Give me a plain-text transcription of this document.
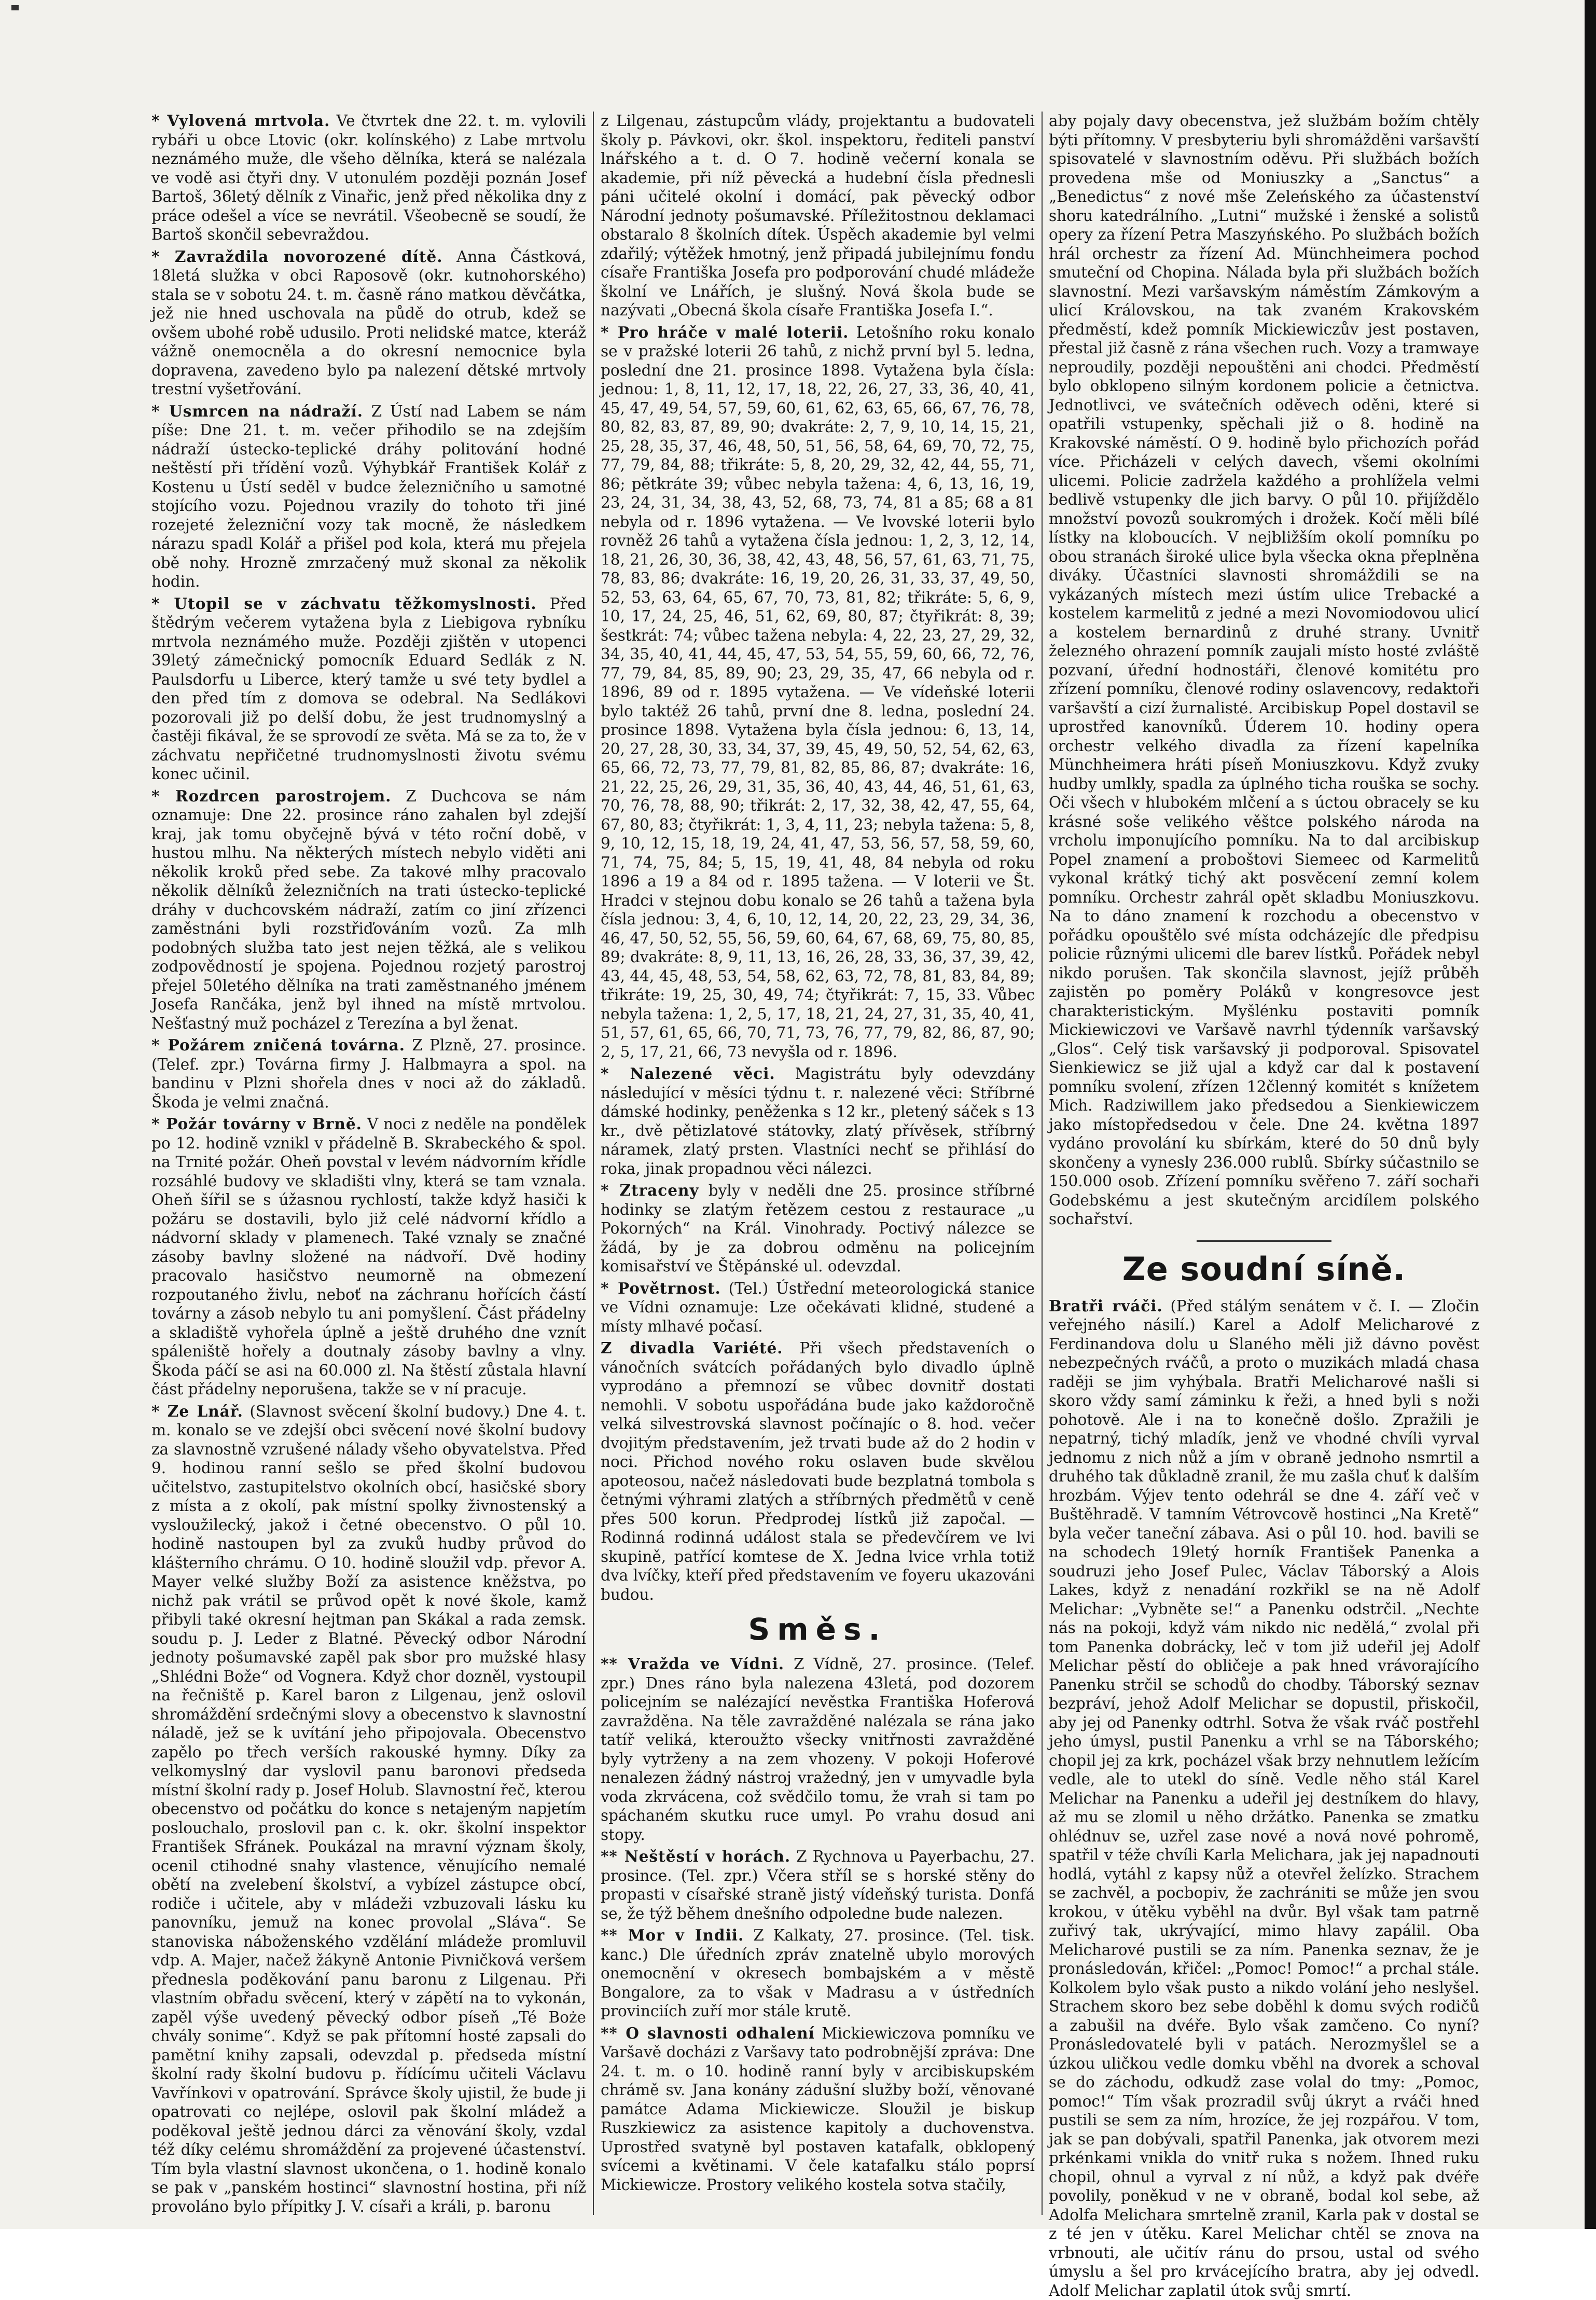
* Vylovená mrtvola. Ve čtvrtek dne 22. t. m. vylovili rybáři u obce Ltovic (okr. kolínského) z Labe mrtvolu neznámého muže, dle všeho dělníka, která se nalézala ve vodě asi čtyři dny. V utonulém později poznán Josef Bartoš, 36letý dělník z Vinařic, jenž před několika dny z práce odešel a více se nevrátil. Všeobecně se soudí, že Bartoš skončil sebevraždou.

* Zavraždila novorozené dítě. Anna Částková, 18letá služka v obci Raposově (okr. kutnohorského) stala se v sobotu 24. t. m. časně ráno matkou děvčátka, jež nie hned uschovala na půdě do otrub, kdež se ovšem ubohé robě udusilo. Proti nelidské matce, kteráž vážně onemocněla a do okresní nemocnice byla dopravena, zavedeno bylo pa nalezení dětské mrtvoly trestní vyšetřování.

* Usmrcen na nádraží. Z Ústí nad Labem se nám píše: Dne 21. t. m. večer přihodilo se na zdejším nádraží ústecko-teplické dráhy politování hodné neštěstí při třídění vozů. Výhybkář František Kolář z Kostenu u Ústí seděl v budce železničního u samotné stojícího vozu. Pojednou vrazily do tohoto tři jiné rozejeté železniční vozy tak mocně, že následkem nárazu spadl Kolář a přišel pod kola, která mu přejela obě nohy. Hrozně zmrzačený muž skonal za několik hodin.

* Utopil se v záchvatu těžkomyslnosti. Před štědrým večerem vytažena byla z Liebigova rybníku mrtvola neznámého muže. Později zjištěn v utopenci 39letý zámečnický pomocník Eduard Sedlák z N. Paulsdorfu u Liberce, který tamže u své tety bydlel a den před tím z domova se odebral. Na Sedlákovi pozorovali již po delší dobu, že jest trudnomyslný a častěji fikával, že se sprovodí ze světa. Má se za to, že v záchvatu nepřičetné trudnomyslnosti životu svému konec učinil.

* Rozdrcen parostrojem. Z Duchcova se nám oznamuje: Dne 22. prosince ráno zahalen byl zdejší kraj, jak tomu obyčejně bývá v této roční době, v hustou mlhu. Na některých místech nebylo viděti ani několik kroků před sebe. Za takové mlhy pracovalo několik dělníků železničních na trati ústecko-teplické dráhy v duchcovském nádraží, zatím co jiní zřízenci zaměstnáni byli rozstřiďováním vozů. Za mlh podobných služba tato jest nejen těžká, ale s velikou zodpovědností je spojena. Pojednou rozjetý parostroj přejel 50letého dělníka na trati zaměstnaného jménem Josefa Rančáka, jenž byl ihned na místě mrtvolou. Nešťastný muž pocházel z Terezína a byl ženat.

* Požárem zničená továrna. Z Plzně, 27. prosince. (Telef. zpr.) Továrna firmy J. Halbmayra a spol. na bandinu v Plzni shořela dnes v noci až do základů. Škoda je velmi značná.

* Požár továrny v Brně. V noci z neděle na pondělek po 12. hodině vznikl v přádelně B. Skrabeckého & spol. na Trnité požár. Oheň povstal v levém nádvorním křídle rozsáhlé budovy ve skladišti vlny, která se tam vznala. Oheň šířil se s úžasnou rychlostí, takže když hasiči k požáru se dostavili, bylo již celé nádvorní křídlo a nádvorní sklady v plamenech. Také vznaly se značné zásoby bavlny složené na nádvoří. Dvě hodiny pracovalo hasičstvo neumorně na obmezení rozpoutaného živlu, neboť na záchranu hořících částí továrny a zásob nebylo tu ani pomyšlení. Část přádelny a skladiště vyhořela úplně a ještě druhého dne vznít spáleniště hořely a doutnaly zásoby bavlny a vlny. Škoda páčí se asi na 60.000 zl. Na štěstí zůstala hlavní část přádelny neporušena, takže se v ní pracuje.

* Ze Lnář. (Slavnost svěcení školní budovy.) Dne 4. t. m. konalo se ve zdejší obci svěcení nové školní budovy za slavnostně vzrušené nálady všeho obyvatelstva. Před 9. hodinou ranní sešlo se před školní budovou učitelstvo, zastupitelstvo okolních obcí, hasičské sbory z místa a z okolí, pak místní spolky živnostenský a vysloužilecký, jakož i četné obecenstvo. O půl 10. hodině nastoupen byl za zvuků hudby průvod do klášterního chrámu. O 10. hodině sloužil vdp. převor A. Mayer velké služby Boží za asistence kněžstva, po nichž pak vrátil se průvod opět k nové škole, kamž přibyli také okresní hejtman pan Skákal a rada zemsk. soudu p. J. Leder z Blatné. Pěvecký odbor Národní jednoty pošumavské zapěl pak sbor pro mužské hlasy „Shlédni Bože“ od Vognera. Když chor dozněl, vystoupil na řečniště p. Karel baron z Lilgenau, jenž oslovil shromáždění srdečnými slovy a obecenstvo k slavnostní náladě, jež se k uvítání jeho připojovala. Obecenstvo zapělo po třech verších rakouské hymny. Díky za velkomyslný dar vyslovil panu baronovi předseda místní školní rady p. Josef Holub. Slavnostní řeč, kterou obecenstvo od počátku do konce s netajeným napjetím poslouchalo, proslovil pan c. k. okr. školní inspektor František Sfránek. Poukázal na mravní význam školy, ocenil ctihodné snahy vlastence, věnujícího nemalé obětí na zvelebení školství, a vybízel zástupce obcí, rodiče i učitele, aby v mládeži vzbuzovali lásku ku panovníku, jemuž na konec provolal „Sláva“. Se stanoviska náboženského vzdělání mládeže promluvil vdp. A. Majer, načež žákyně Antonie Pivničková veršem přednesla poděkování panu baronu z Lilgenau. Při vlastním obřadu svěcení, který v zápětí na to vykonán, zapěl výše uvedený pěvecký odbor píseň „Té Boże chvály sonime“. Když se pak přítomní hosté zapsali do pamětní knihy zapsali, odevzdal p. předseda místní školní rady školní budovu p. řídícímu učiteli Václavu Vavřínkovi v opatrování. Správce školy ujistil, že bude ji opatrovati co nejlépe, oslovil pak školní mládež a poděkoval ještě jednou dárci za věnování školy, vzdal též díky celému shromáždění za projevené účastenství. Tím byla vlastní slavnost ukončena, o 1. hodině konalo se pak v „panském hostinci“ slavnostní hostina, při níž provoláno bylo přípitky J. V. císaři a králi, p. baronu

z Lilgenau, zástupcům vlády, projektantu a budovateli školy p. Pávkovi, okr. škol. inspektoru, řediteli panství lnářského a t. d. O 7. hodině večerní konala se akademie, při níž pěvecká a hudební čísla přednesli páni učitelé okolní i domácí, pak pěvecký odbor Národní jednoty pošumavské. Příležitostnou deklamaci obstaralo 8 školních dítek. Úspěch akademie byl velmi zdařilý; výtěžek hmotný, jenž připadá jubilejnímu fondu císaře Františka Josefa pro podporování chudé mládeže školní ve Lnářích, je slušný. Nová škola bude se nazývati „Obecná škola císaře Františka Josefa I.“.

* Pro hráče v malé loterii. Letošního roku konalo se v pražské loterii 26 tahů, z nichž první byl 5. ledna, poslední dne 21. prosince 1898. Vytažena byla čísla: jednou: 1, 8, 11, 12, 17, 18, 22, 26, 27, 33, 36, 40, 41, 45, 47, 49, 54, 57, 59, 60, 61, 62, 63, 65, 66, 67, 76, 78, 80, 82, 83, 87, 89, 90; dvakráte: 2, 7, 9, 10, 14, 15, 21, 25, 28, 35, 37, 46, 48, 50, 51, 56, 58, 64, 69, 70, 72, 75, 77, 79, 84, 88; třikráte: 5, 8, 20, 29, 32, 42, 44, 55, 71, 86; pětkráte 39; vůbec nebyla tažena: 4, 6, 13, 16, 19, 23, 24, 31, 34, 38, 43, 52, 68, 73, 74, 81 a 85; 68 a 81 nebyla od r. 1896 vytažena. — Ve lvovské loterii bylo rovněž 26 tahů a vytažena čísla jednou: 1, 2, 3, 12, 14, 18, 21, 26, 30, 36, 38, 42, 43, 48, 56, 57, 61, 63, 71, 75, 78, 83, 86; dvakráte: 16, 19, 20, 26, 31, 33, 37, 49, 50, 52, 53, 63, 64, 65, 67, 70, 73, 81, 82; třikráte: 5, 6, 9, 10, 17, 24, 25, 46, 51, 62, 69, 80, 87; čtyřikrát: 8, 39; šestkrát: 74; vůbec tažena nebyla: 4, 22, 23, 27, 29, 32, 34, 35, 40, 41, 44, 45, 47, 53, 54, 55, 59, 60, 66, 72, 76, 77, 79, 84, 85, 89, 90; 23, 29, 35, 47, 66 nebyla od r. 1896, 89 od r. 1895 vytažena. — Ve vídeňské loterii bylo taktéž 26 tahů, první dne 8. ledna, poslední 24. prosince 1898. Vytažena byla čísla jednou: 6, 13, 14, 20, 27, 28, 30, 33, 34, 37, 39, 45, 49, 50, 52, 54, 62, 63, 65, 66, 72, 73, 77, 79, 81, 82, 85, 86, 87; dvakráte: 16, 21, 22, 25, 26, 29, 31, 35, 36, 40, 43, 44, 46, 51, 61, 63, 70, 76, 78, 88, 90; třikrát: 2, 17, 32, 38, 42, 47, 55, 64, 67, 80, 83; čtyřikrát: 1, 3, 4, 11, 23; nebyla tažena: 5, 8, 9, 10, 12, 15, 18, 19, 24, 41, 47, 53, 56, 57, 58, 59, 60, 71, 74, 75, 84; 5, 15, 19, 41, 48, 84 nebyla od roku 1896 a 19 a 84 od r. 1895 tažena. — V loterii ve Št. Hradci v stejnou dobu konalo se 26 tahů a tažena byla čísla jednou: 3, 4, 6, 10, 12, 14, 20, 22, 23, 29, 34, 36, 46, 47, 50, 52, 55, 56, 59, 60, 64, 67, 68, 69, 75, 80, 85, 89; dvakráte: 8, 9, 11, 13, 16, 26, 28, 33, 36, 37, 39, 42, 43, 44, 45, 48, 53, 54, 58, 62, 63, 72, 78, 81, 83, 84, 89; třikráte: 19, 25, 30, 49, 74; čtyřikrát: 7, 15, 33. Vůbec nebyla tažena: 1, 2, 5, 17, 18, 21, 24, 27, 31, 35, 40, 41, 51, 57, 61, 65, 66, 70, 71, 73, 76, 77, 79, 82, 86, 87, 90; 2, 5, 17, 21, 66, 73 nevyšla od r. 1896.

* Nalezené věci. Magistrátu byly odevzdány následující v měsíci týdnu t. r. nalezené věci: Stříbrné dámské hodinky, peněženka s 12 kr., pletený sáček s 13 kr., dvě pětizlatové státovky, zlatý přívěsek, stříbrný náramek, zlatý prsten. Vlastníci nechť se přihlásí do roka, jinak propadnou věci nálezci.

* Ztraceny byly v neděli dne 25. prosince stříbrné hodinky se zlatým řetězem cestou z restaurace „u Pokorných“ na Král. Vinohrady. Poctivý nálezce se žádá, by je za dobrou odměnu na policejním komisařství ve Štěpánské ul. odevzdal.

* Povětrnost. (Tel.) Ústřední meteorologická stanice ve Vídni oznamuje: Lze očekávati klidné, studené a místy mlhavé počasí.

Z divadla Variété. Při všech představeních o vánočních svátcích pořádaných bylo divadlo úplně vyprodáno a přemnozí se vůbec dovnitř dostati nemohli. V sobotu uspořádána bude jako každoročně velká silvestrovská slavnost počínajíc o 8. hod. večer dvojitým představením, jež trvati bude až do 2 hodin v noci. Přichod nového roku oslaven bude skvělou apoteosou, načež následovati bude bezplatná tombola s četnými výhrami zlatých a stříbrných předmětů v ceně přes 500 korun. Předprodej lístků již započal. — Rodinná rodinná událost stala se předevčírem ve lvi skupině, patřící komtese de X. Jedna lvice vrhla totiž dva lvíčky, kteří před představením ve foyeru ukazováni budou.

Směs.

** Vražda ve Vídni. Z Vídně, 27. prosince. (Telef. zpr.) Dnes ráno byla nalezena 43letá, pod dozorem policejním se nalézající nevěstka Františka Hoferová zavražděna. Na těle zavražděné nalézala se rána jako tatíř veliká, kteroužto všecky vnitřnosti zavražděné byly vytrženy a na zem vhozeny. V pokoji Hoferové nenalezen žádný nástroj vražedný, jen v umyvadle byla voda zkrvácena, což svědčilo tomu, že vrah si tam po spáchaném skutku ruce umyl. Po vrahu dosud ani stopy.

** Neštěstí v horách. Z Rychnova u Payerbachu, 27. prosince. (Tel. zpr.) Včera stříl se s horské stěny do propasti v císařské straně jistý vídeňský turista. Donfá se, že týž během dnešního odpoledne bude nalezen.

** Mor v Indii. Z Kalkaty, 27. prosince. (Tel. tisk. kanc.) Dle úředních zpráv znatelně ubylo morových onemocnění v okresech bombajském a v městě Bongalore, za to však v Madrasu a v ústředních provinciích zuří mor stále krutě.

** O slavnosti odhalení Mickiewiczova pomníku ve Varšavě docházi z Varšavy tato podrobnější zpráva: Dne 24. t. m. o 10. hodině ranní byly v arcibiskupském chrámě sv. Jana konány zádušní služby boží, věnované památce Adama Mickiewicze. Sloužil je biskup Ruszkiewicz za asistence kapitoly a duchovenstva. Uprostřed svatyně byl postaven katafalk, obklopený svícemi a květinami. V čele katafalku stálo poprsí Mickiewicze. Prostory velikého kostela sotva stačily,

aby pojaly davy obecenstva, jež službám božím chtěly býti přítomny. V presbyteriu byli shromážděni varšavští spisovatelé v slavnostním oděvu. Při službách božích provedena mše od Moniuszky a „Sanctus“ a „Benedictus“ z nové mše Zeleńského za účastenství shoru katedrálního. „Lutni“ mužské i ženské a solistů opery za řízení Petra Maszyńského. Po službách božích hrál orchestr za řízení Ad. Münchheimera pochod smuteční od Chopina. Nálada byla při službách božích slavnostní. Mezi varšavským náměstím Zámkovým a ulicí Královskou, na tak zvaném Krakovském předměstí, kdež pomník Mickiewiczův jest postaven, přestal již časně z rána všechen ruch. Vozy a tramwaye neproudily, později nepouštěni ani chodci. Předměstí bylo obklopeno silným kordonem policie a četnictva. Jednotlivci, ve svátečních oděvech oděni, které si opatřili vstupenky, spěchali již o 8. hodině na Krakovské náměstí. O 9. hodině bylo přichozích pořád více. Přicházeli v celých davech, všemi okolními ulicemi. Policie zadržela každého a prohlížela velmi bedlivě vstupenky dle jich barvy. O půl 10. přijíždělo množství povozů soukromých i drožek. Kočí měli bílé lístky na kloboucích. V nejbližším okolí pomníku po obou stranách široké ulice byla všecka okna přeplněna diváky. Účastníci slavnosti shromáždili se na vykázaných místech mezi ústím ulice Trebacké a kostelem karmelitů z jedné a mezi Novomiodovou ulicí a kostelem bernardinů z druhé strany. Uvnitř železného ohrazení pomník zaujali místo hosté zvláště pozvaní, úřední hodnostáři, členové komitétu pro zřízení pomníku, členové rodiny oslavencovy, redaktoři varšavští a cizí žurnalisté. Arcibiskup Popel dostavil se uprostřed kanovníků. Úderem 10. hodiny opera orchestr velkého divadla za řízení kapelníka Münchheimera hráti píseň Moniuszkovu. Když zvuky hudby umlkly, spadla za úplného ticha rouška se sochy. Oči všech v hlubokém mlčení a s úctou obracely se ku krásné soše velikého věštce polského národa na vrcholu imponujícího pomníku. Na to dal arcibiskup Popel znamení a proboštovi Siemeec od Karmelitů vykonal krátký tichý akt posvěcení zemní kolem pomníku. Orchestr zahrál opět skladbu Moniuszkovu. Na to dáno znamení k rozchodu a obecenstvo v pořádku opouštělo své místa odcházejíc dle předpisu policie různými ulicemi dle barev lístků. Pořádek nebyl nikdo porušen. Tak skončila slavnost, jejíž průběh zajistěn po poměry Poláků v kongresovce jest charakteristickým. Myšlénku postaviti pomník Mickiewiczovi ve Varšavě navrhl týdenník varšavský „Glos“. Celý tisk varšavský ji podporoval. Spisovatel Sienkiewicz se již ujal a když car dal k postavení pomníku svolení, zřízen 12členný komitét s knížetem Mich. Radziwillem jako předsedou a Sienkiewiczem jako místopředsedou v čele. Dne 24. května 1897 vydáno provolání ku sbírkám, které do 50 dnů byly skončeny a vynesly 236.000 rublů. Sbírky súčastnilo se 150.000 osob. Zřízení pomníku svěřeno 7. září sochaři Godebskému a jest skutečným arcidílem polského sochařství.

Ze soudní síně.

Bratři rváči. (Před stálým senátem v č. I. — Zločin veřejného násilí.) Karel a Adolf Melicharové z Ferdinandova dolu u Slaného měli již dávno pověst nebezpečných rváčů, a proto o muzikách mladá chasa raději se jim vyhýbala. Bratři Melicharové našli si skoro vždy samí záminku k řeži, a hned byli s noži pohotově. Ale i na to konečně došlo. Zpražili je nepatrný, tichý mladík, jenž ve vhodné chvíli vyrval jednomu z nich nůž a jím v obraně jednoho nsmrtil a druhého tak důkladně zranil, že mu zašla chuť k dalším hrozbám. Výjev tento odehrál se dne 4. září več v Buštěhradě. V tamním Vétrovcově hostinci „Na Kretě“ byla večer taneční zábava. Asi o půl 10. hod. bavili se na schodech 19letý horník František Panenka a soudruzi jeho Josef Pulec, Václav Táborský a Alois Lakes, když z nenadání rozkřikl se na ně Adolf Melichar: „Vybněte se!“ a Panenku odstrčil. „Nechte nás na pokoji, když vám nikdo nic nedělá,“ zvolal při tom Panenka dobrácky, leč v tom již udeřil jej Adolf Melichar pěstí do obličeje a pak hned vrávorajícího Panenku strčil se schodů do chodby. Táborský seznav bezpráví, jehož Adolf Melichar se dopustil, přiskočil, aby jej od Panenky odtrhl. Sotva že však rváč postřehl jeho úmysl, pustil Panenku a vrhl se na Táborského; chopil jej za krk, pocházel však brzy nehnutlem ležícím vedle, ale to utekl do síně. Vedle něho stál Karel Melichar na Panenku a udeřil jej destníkem do hlavy, až mu se zlomil u něho držátko. Panenka se zmatku ohlédnuv se, uzřel zase nové a nová nové pohromě, spatřil v téže chvíli Karla Melichara, jak jej napadnouti hodlá, vytáhl z kapsy nůž a otevřel želízko. Strachem se zachvěl, a pocbopiv, že zachrániti se může jen svou krokou, v útěku vyběhl na dvůr. Byl však tam patrně zuřivý tak, ukrývající, mimo hlavy zapálil. Oba Melicharové pustili se za ním. Panenka seznav, že je pronásledován, křičel: „Pomoc! Pomoc!“ a prchal stále. Kolkolem bylo však pusto a nikdo volání jeho neslyšel. Strachem skoro bez sebe doběhl k domu svých rodičů a zabušil na dvéře. Bylo však zamčeno. Co nyní? Pronásledovatelé byli v patách. Nerozmyšlel se a úzkou uličkou vedle domku vběhl na dvorek a schoval se do záchodu, odkudž zase volal do tmy: „Pomoc, pomoc!“ Tím však prozradil svůj úkryt a rváči hned pustili se sem za ním, hrozíce, že jej rozpářou. V tom, jak se pan dobývali, spatřil Panenka, jak otvorem mezi prkénkami vnikla do vnitř ruka s nožem. Ihned ruku chopil, ohnul a vyrval z ní nůž, a když pak dvéře povolily, poněkud v ne v obraně, bodal kol sebe, až Adolfa Melichara smrtelně zranil, Karla pak v dostal se z té jen v útěku. Karel Melichar chtěl se znova na vrbnouti, ale učitív ránu do prsou, ustal od svého úmyslu a šel pro krvácejícího bratra, aby jej odvedl. Adolf Melichar zaplatil útok svůj smrtí.
